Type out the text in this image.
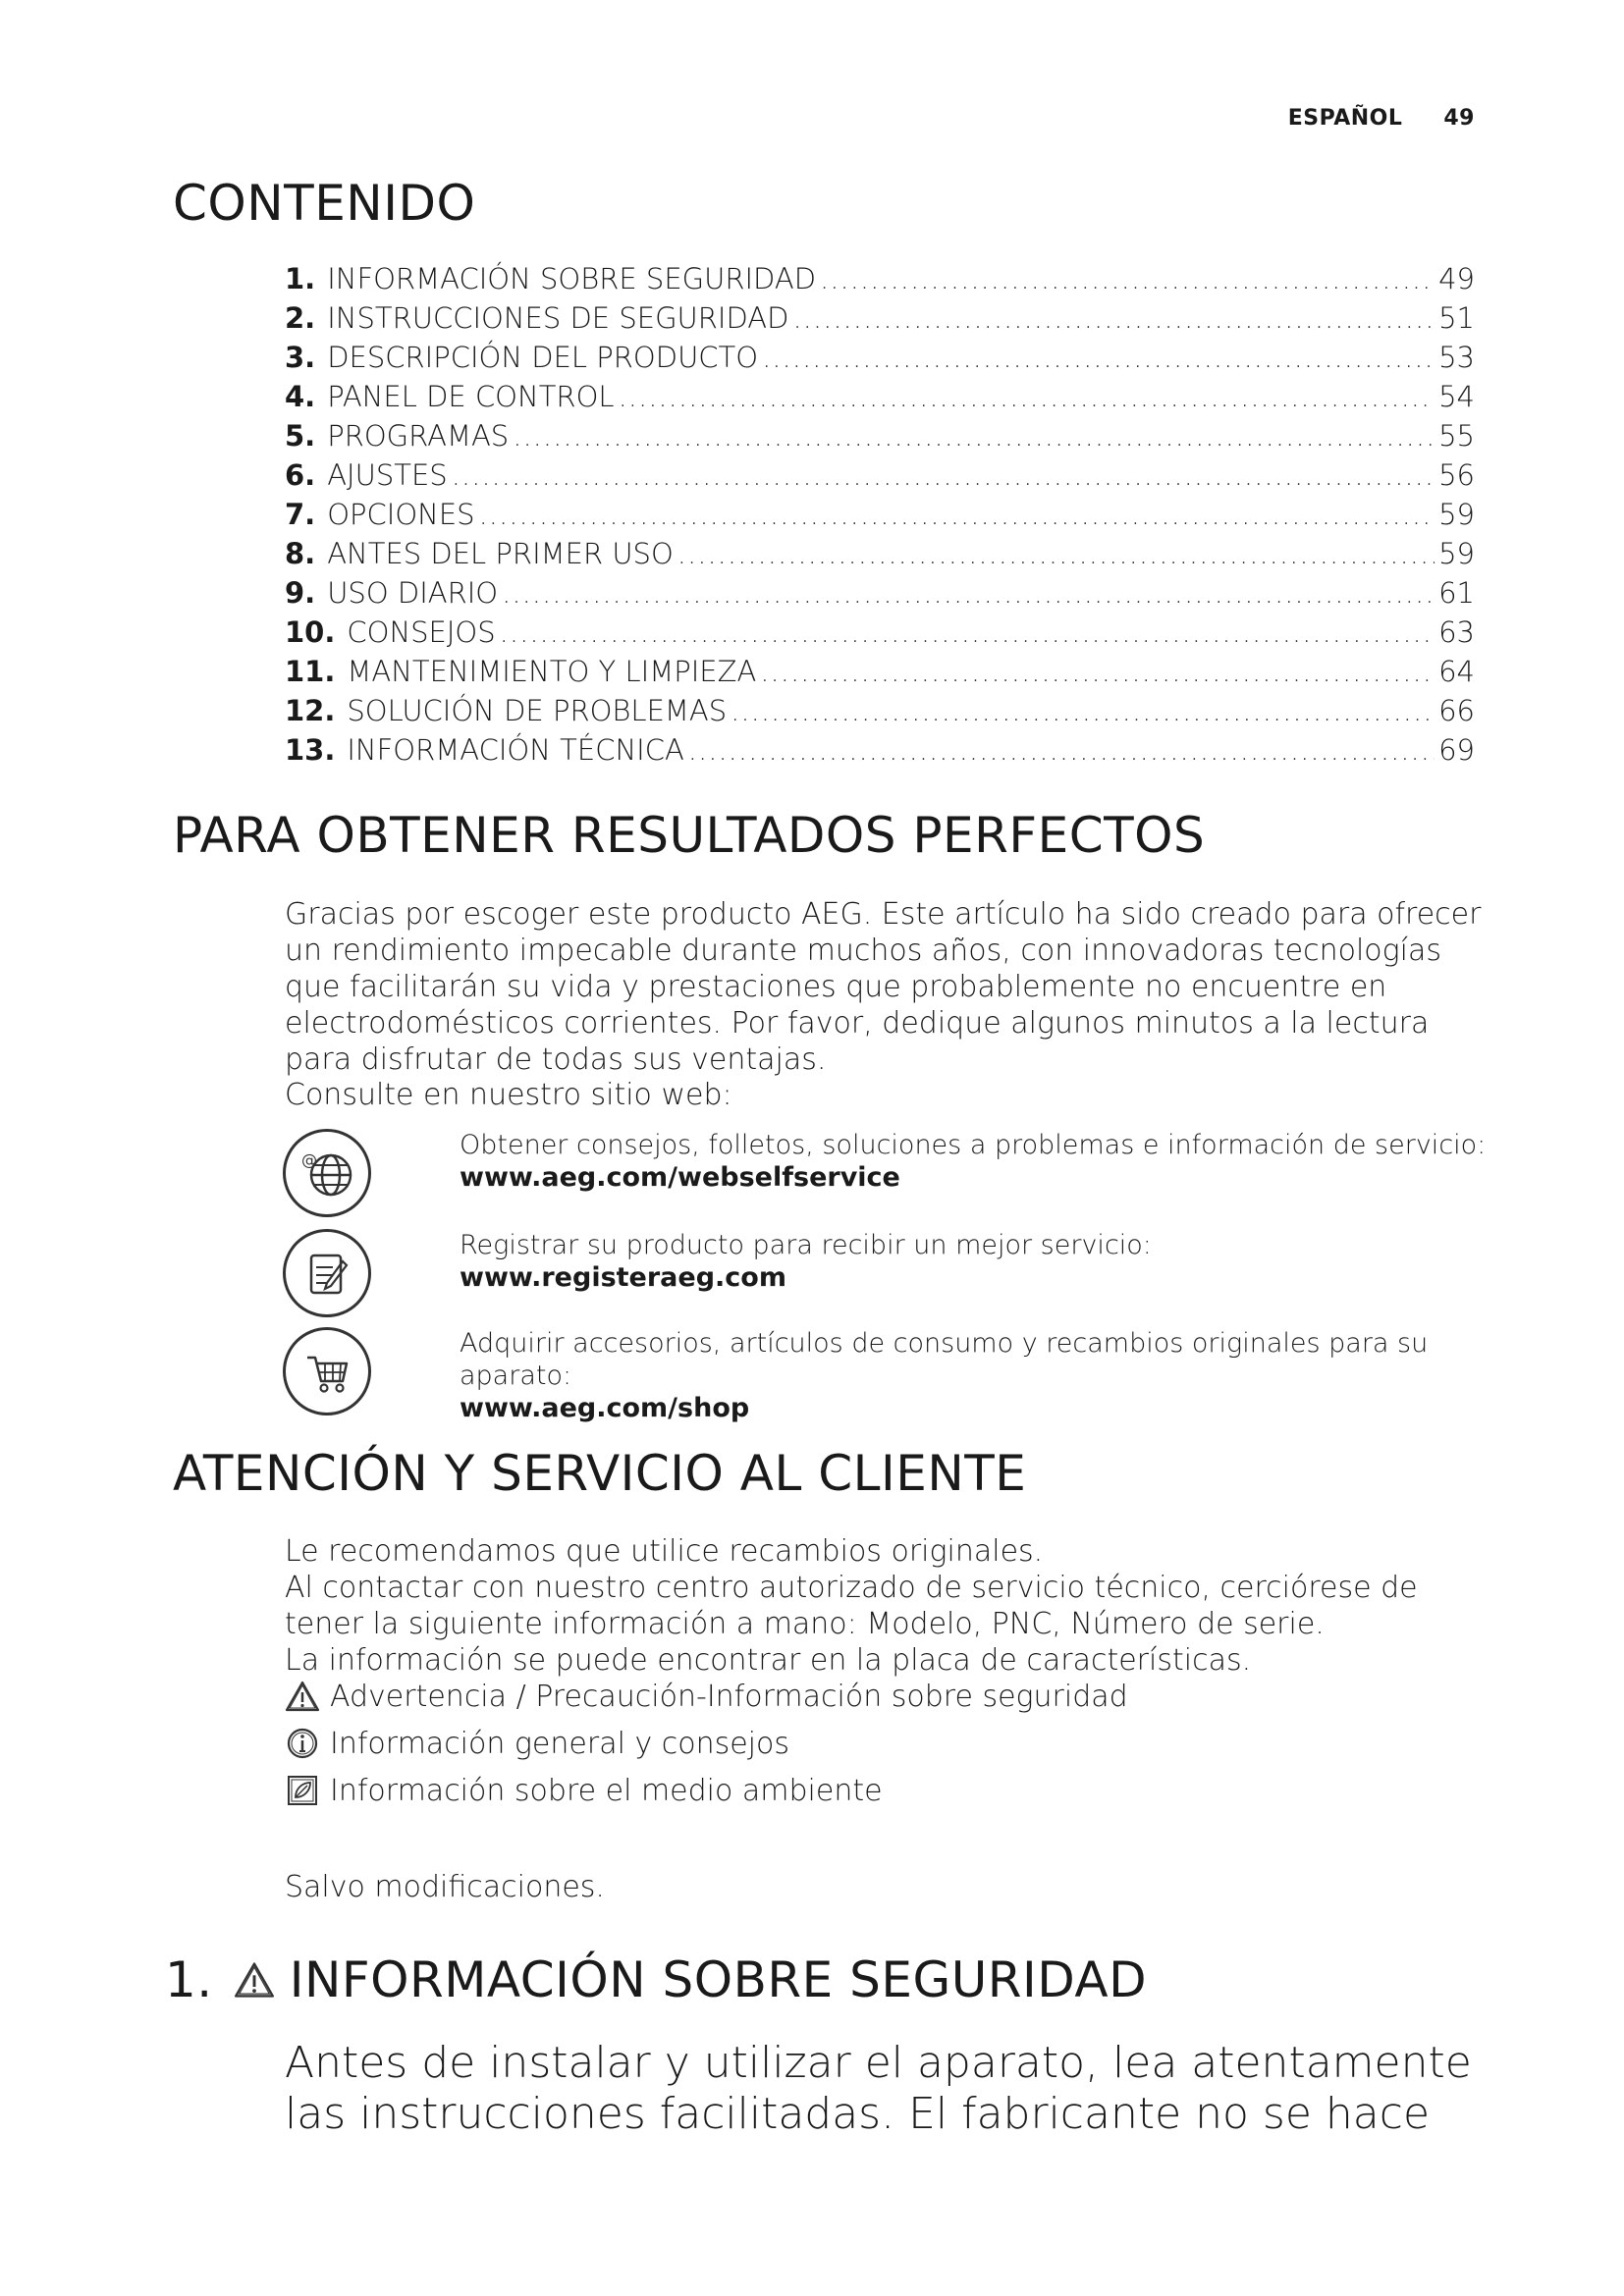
ESPAÑOL 49
CONTENIDO
1. INFORMACIÓN SOBRE SEGURIDAD .....	49
2. INSTRUCCIONES DE SEGURIDAD .....	51
3. DESCRIPCIÓN DEL PRODUCTO .....	53
4. PANEL DE CONTROL .....	54
5. PROGRAMAS .....	55
6. AJUSTES .....	56
7. OPCIONES .....	59
8. ANTES DEL PRIMER USO .....	59
9. USO DIARIO .....	61
10. CONSEJOS .....	63
11. MANTENIMIENTO Y LIMPIEZA .....	64
12. SOLUCIÓN DE PROBLEMAS .....	66
13. INFORMACIÓN TÉCNICA .....	69
PARA OBTENER RESULTADOS PERFECTOS

Gracias por escoger este producto AEG. Este artículo ha sido creado para ofrecer un rendimiento impecable durante muchos años, con innovadoras tecnologías que facilitarán su vida y prestaciones que probablemente no encuentre en electrodomésticos corrientes. Por favor, dedique algunos minutos a la lectura para disfrutar de todas sus ventajas.

Consulte en nuestro sitio web:

@	Obtener consejos, folletos, soluciones a problemas e información de servicio:
www.aeg.com/webselfservice
Registrar su producto para recibir un mejor servicio:
www.registeraeg.com
Adquirir accesorios, artículos de consumo y recambios originales para su aparato:
www.aeg.com/shop
ATENCIÓN Y SERVICIO AL CLIENTE

Le recomendamos que utilice recambios originales.
Al contactar con nuestro centro autorizado de servicio técnico, cerciórese de tener la siguiente información a mano: Modelo, PNC, Número de serie.
La información se puede encontrar en la placa de características.

Advertencia / Precaución-Información sobre seguridad
Información general y consejos
Información sobre el medio ambiente

Salvo modificaciones.

1. INFORMACIÓN SOBRE SEGURIDAD

Antes de instalar y utilizar el aparato, lea atentamente las instrucciones facilitadas. El fabricante no se hace
